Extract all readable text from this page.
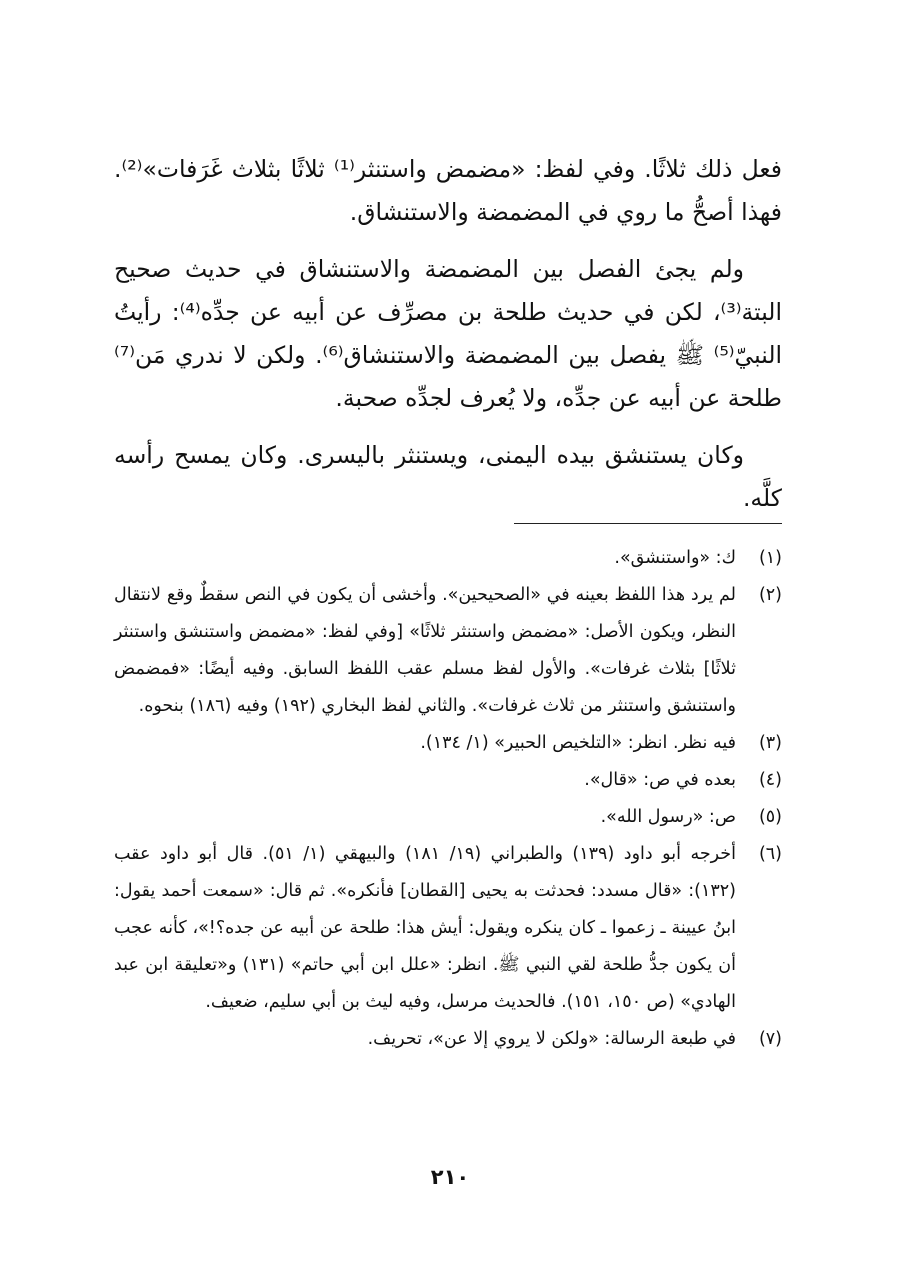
فعل ذلك ثلاثًا. وفي لفظ: «مضمض واستنثر⁽¹⁾ ثلاثًا بثلاث غَرَفات»⁽²⁾. فهذا أصحُّ ما روي في المضمضة والاستنشاق.

ولم يجئ الفصل بين المضمضة والاستنشاق في حديث صحيح البتة⁽³⁾، لكن في حديث طلحة بن مصرِّف عن أبيه عن جدِّه⁽⁴⁾: رأيتُ النبيّ⁽⁵⁾ ﷺ يفصل بين المضمضة والاستنشاق⁽⁶⁾. ولكن لا ندري مَن⁽⁷⁾ طلحة عن أبيه عن جدِّه، ولا يُعرف لجدِّه صحبة.

وكان يستنشق بيده اليمنى، ويستنثر باليسرى. وكان يمسح رأسه كلَّه.

(١)
ك: «واستنشق».
(٢)
لم يرد هذا اللفظ بعينه في «الصحيحين». وأخشى أن يكون في النص سقطٌ وقع لانتقال النظر، ويكون الأصل: «مضمض واستنثر ثلاثًا» [وفي لفظ: «مضمض واستنشق واستنثر ثلاثًا] بثلاث غرفات». والأول لفظ مسلم عقب اللفظ السابق. وفيه أيضًا: «فمضمض واستنشق واستنثر من ثلاث غرفات». والثاني لفظ البخاري (١٩٢) وفيه (١٨٦) بنحوه.
(٣)
فيه نظر. انظر: «التلخيص الحبير» (١/ ١٣٤).
(٤)
بعده في ص: «قال».
(٥)
ص: «رسول الله».
(٦)
أخرجه أبو داود (١٣٩) والطبراني (١٩/ ١٨١) والبيهقي (١/ ٥١). قال أبو داود عقب (١٣٢): «قال مسدد: فحدثت به يحيى [القطان] فأنكره». ثم قال: «سمعت أحمد يقول: ابنُ عيينة ـ زعموا ـ كان ينكره ويقول: أيش هذا: طلحة عن أبيه عن جده؟!»، كأنه عجب أن يكون جدُّ طلحة لقي النبي ﷺ. انظر: «علل ابن أبي حاتم» (١٣١) و«تعليقة ابن عبد الهادي» (ص ١٥٠، ١٥١). فالحديث مرسل، وفيه ليث بن أبي سليم، ضعيف.
(٧)
في طبعة الرسالة: «ولكن لا يروي إلا عن»، تحريف.
٢١٠
